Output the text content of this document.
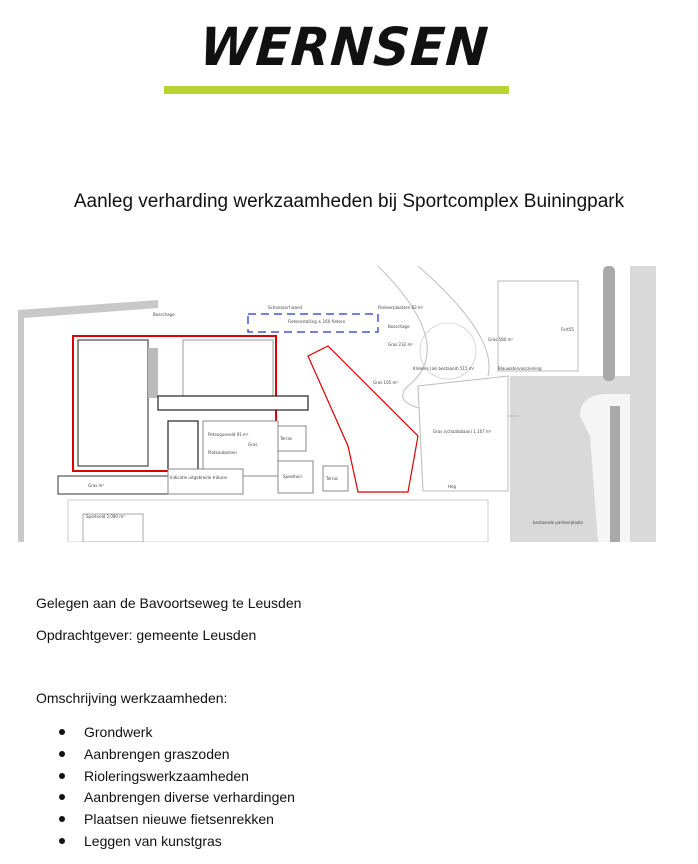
WERNSEN
Aanleg verharding werkzaamheden bij Sportcomplex Buiningpark
Bosschage
Schanskorf wand
Fietsenstalling ± 160 fietsen
Parkeerplaatsen 83 m²
Bosschage
Gras 232 m²
Gras 580 m²
Fort55
Klinkers (als bestaand) 515 m²	Blauwatervoorziening
Gras 105 m²
Gras (schaatsbaan) 1.107 m²
Heg
Petanqueveld 91 m²
Gras
Plateaubomen
Terras
Speeltuin	Terras
Indicatie uitgebreide tribune
Gras m²
Sportveld 2.080 m²
bestaande parkeerplaats
Gelegen aan de Bavoortseweg te Leusden
Opdrachtgever: gemeente Leusden
Omschrijving werkzaamheden:
Grondwerk
Aanbrengen graszoden
Rioleringswerkzaamheden
Aanbrengen diverse verhardingen
Plaatsen nieuwe fietsenrekken
Leggen van kunstgras
